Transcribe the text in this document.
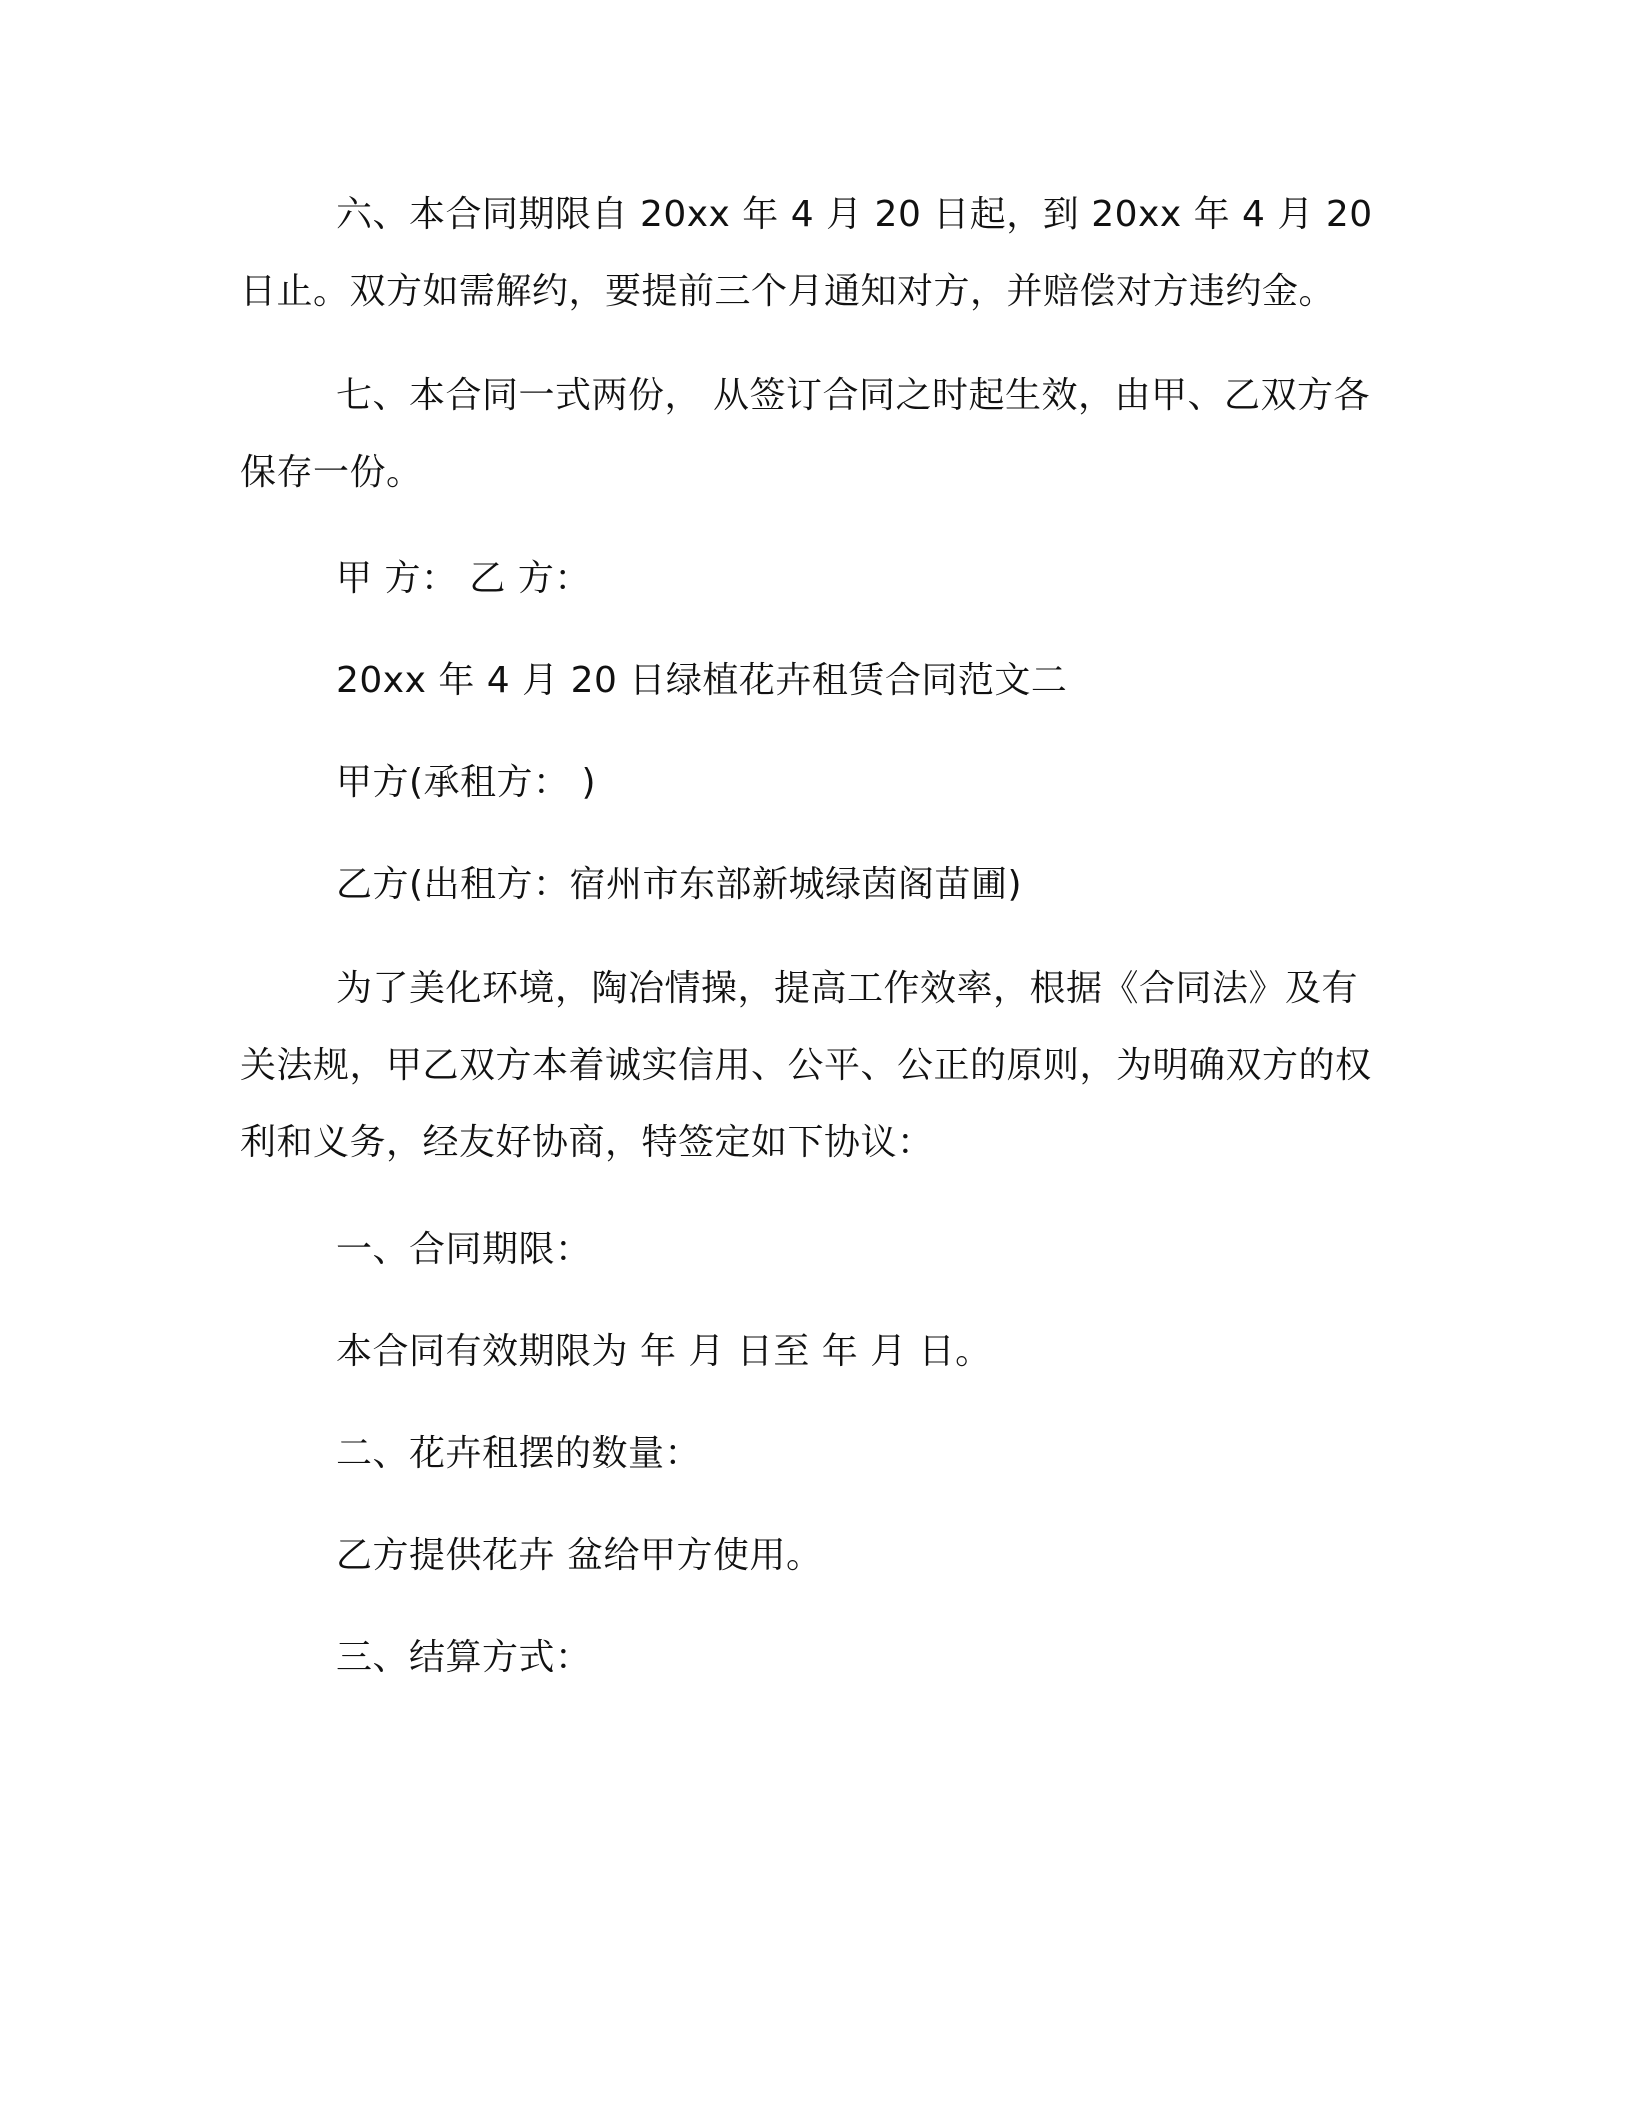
六、本合同期限自 20xx 年 4 月 20 日起，到 20xx 年 4 月 20 日止。双方如需解约，要提前三个月通知对方，并赔偿对方违约金。

七、本合同一式两份， 从签订合同之时起生效，由甲、乙双方各保存一份。

甲 方： 乙 方：

20xx 年 4 月 20 日绿植花卉租赁合同范文二

甲方(承租方： )

乙方(出租方：宿州市东部新城绿茵阁苗圃)

为了美化环境，陶冶情操，提高工作效率，根据《合同法》及有关法规，甲乙双方本着诚实信用、公平、公正的原则，为明确双方的权利和义务，经友好协商，特签定如下协议：

一、合同期限：

本合同有效期限为 年 月 日至 年 月 日。

二、花卉租摆的数量：

乙方提供花卉 盆给甲方使用。

三、结算方式：
